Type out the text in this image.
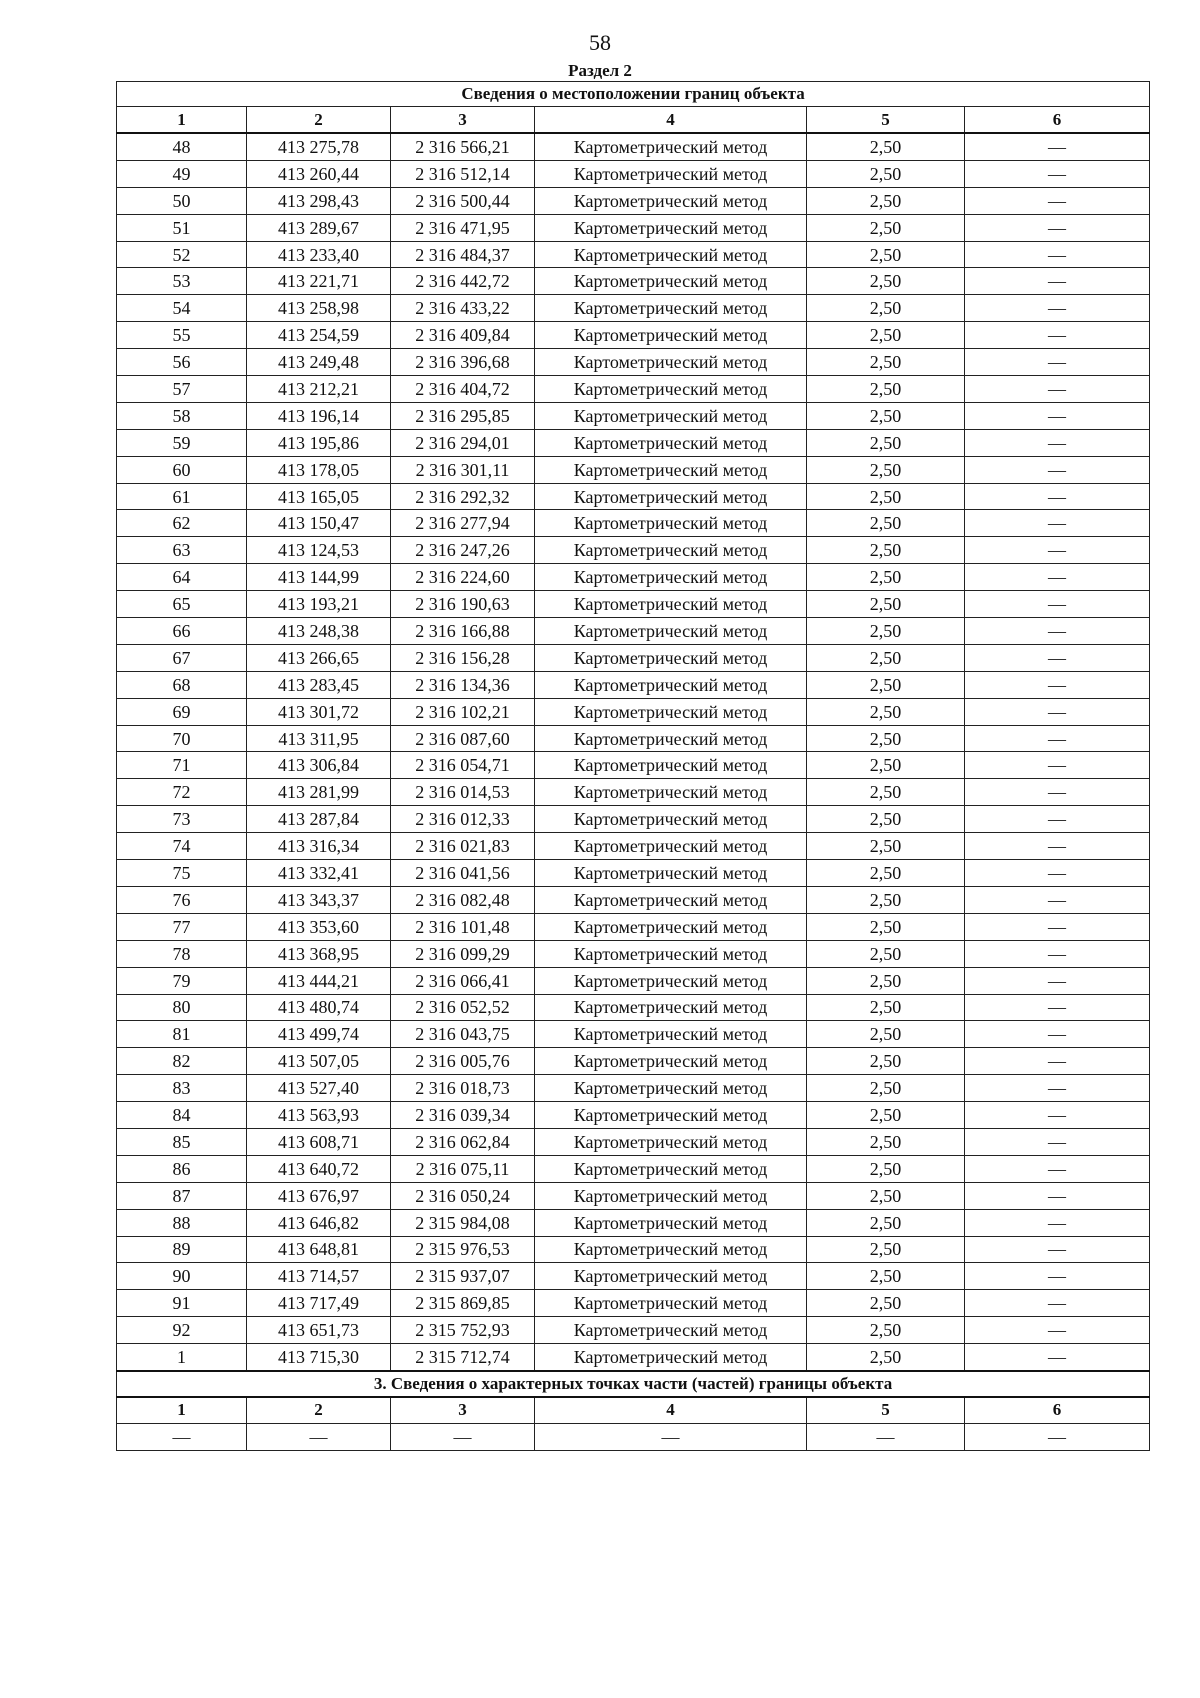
58
Раздел 2
Сведения о местоположении границ объекта					
1	2	3	4	5	6
48	413 275,78	2 316 566,21	Картометрический метод	2,50	—
49	413 260,44	2 316 512,14	Картометрический метод	2,50	—
50	413 298,43	2 316 500,44	Картометрический метод	2,50	—
51	413 289,67	2 316 471,95	Картометрический метод	2,50	—
52	413 233,40	2 316 484,37	Картометрический метод	2,50	—
53	413 221,71	2 316 442,72	Картометрический метод	2,50	—
54	413 258,98	2 316 433,22	Картометрический метод	2,50	—
55	413 254,59	2 316 409,84	Картометрический метод	2,50	—
56	413 249,48	2 316 396,68	Картометрический метод	2,50	—
57	413 212,21	2 316 404,72	Картометрический метод	2,50	—
58	413 196,14	2 316 295,85	Картометрический метод	2,50	—
59	413 195,86	2 316 294,01	Картометрический метод	2,50	—
60	413 178,05	2 316 301,11	Картометрический метод	2,50	—
61	413 165,05	2 316 292,32	Картометрический метод	2,50	—
62	413 150,47	2 316 277,94	Картометрический метод	2,50	—
63	413 124,53	2 316 247,26	Картометрический метод	2,50	—
64	413 144,99	2 316 224,60	Картометрический метод	2,50	—
65	413 193,21	2 316 190,63	Картометрический метод	2,50	—
66	413 248,38	2 316 166,88	Картометрический метод	2,50	—
67	413 266,65	2 316 156,28	Картометрический метод	2,50	—
68	413 283,45	2 316 134,36	Картометрический метод	2,50	—
69	413 301,72	2 316 102,21	Картометрический метод	2,50	—
70	413 311,95	2 316 087,60	Картометрический метод	2,50	—
71	413 306,84	2 316 054,71	Картометрический метод	2,50	—
72	413 281,99	2 316 014,53	Картометрический метод	2,50	—
73	413 287,84	2 316 012,33	Картометрический метод	2,50	—
74	413 316,34	2 316 021,83	Картометрический метод	2,50	—
75	413 332,41	2 316 041,56	Картометрический метод	2,50	—
76	413 343,37	2 316 082,48	Картометрический метод	2,50	—
77	413 353,60	2 316 101,48	Картометрический метод	2,50	—
78	413 368,95	2 316 099,29	Картометрический метод	2,50	—
79	413 444,21	2 316 066,41	Картометрический метод	2,50	—
80	413 480,74	2 316 052,52	Картометрический метод	2,50	—
81	413 499,74	2 316 043,75	Картометрический метод	2,50	—
82	413 507,05	2 316 005,76	Картометрический метод	2,50	—
83	413 527,40	2 316 018,73	Картометрический метод	2,50	—
84	413 563,93	2 316 039,34	Картометрический метод	2,50	—
85	413 608,71	2 316 062,84	Картометрический метод	2,50	—
86	413 640,72	2 316 075,11	Картометрический метод	2,50	—
87	413 676,97	2 316 050,24	Картометрический метод	2,50	—
88	413 646,82	2 315 984,08	Картометрический метод	2,50	—
89	413 648,81	2 315 976,53	Картометрический метод	2,50	—
90	413 714,57	2 315 937,07	Картометрический метод	2,50	—
91	413 717,49	2 315 869,85	Картометрический метод	2,50	—
92	413 651,73	2 315 752,93	Картометрический метод	2,50	—
1	413 715,30	2 315 712,74	Картометрический метод	2,50	—
3. Сведения о характерных точках части (частей) границы объекта					
1	2	3	4	5	6
—	—	—	—	—	—
